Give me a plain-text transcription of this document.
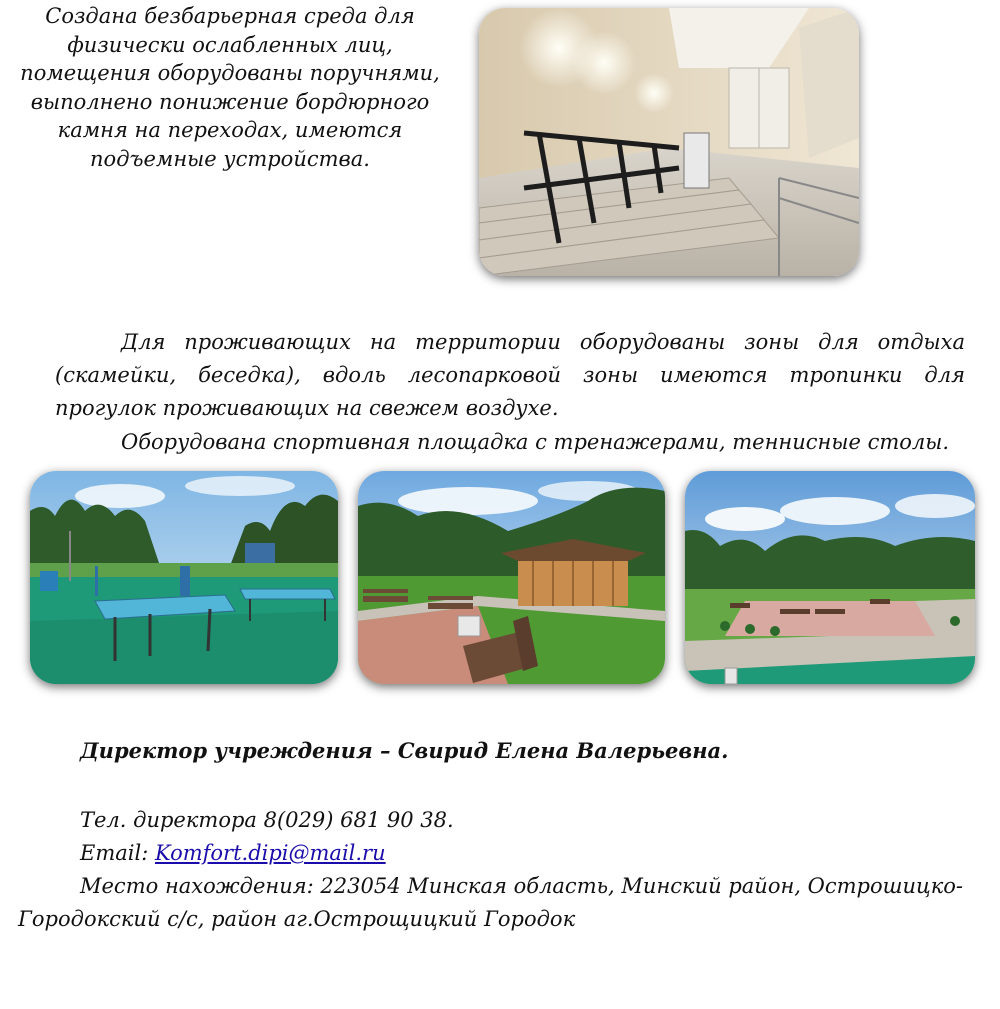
Создана безбарьерная среда для
физически ослабленных лиц,
помещения оборудованы поручнями,
выполнено понижение бордюрного
камня на переходах, имеются
подъемные устройства.
Для проживающих на территории оборудованы зоны для отдыха (скамейки, беседка), вдоль лесопарковой зоны имеются тропинки для прогулок проживающих на свежем воздухе.
Оборудована спортивная площадка с тренажерами, теннисные столы.
Директор учреждения – Свирид Елена Валерьевна.
Тел. директора 8(029) 681 90 38.
Email: Komfort.dipi@mail.ru
Место нахождения: 223054 Минская область, Минский район, Острошицко-Городокский с/с, район аг.Острощицкий Городок
